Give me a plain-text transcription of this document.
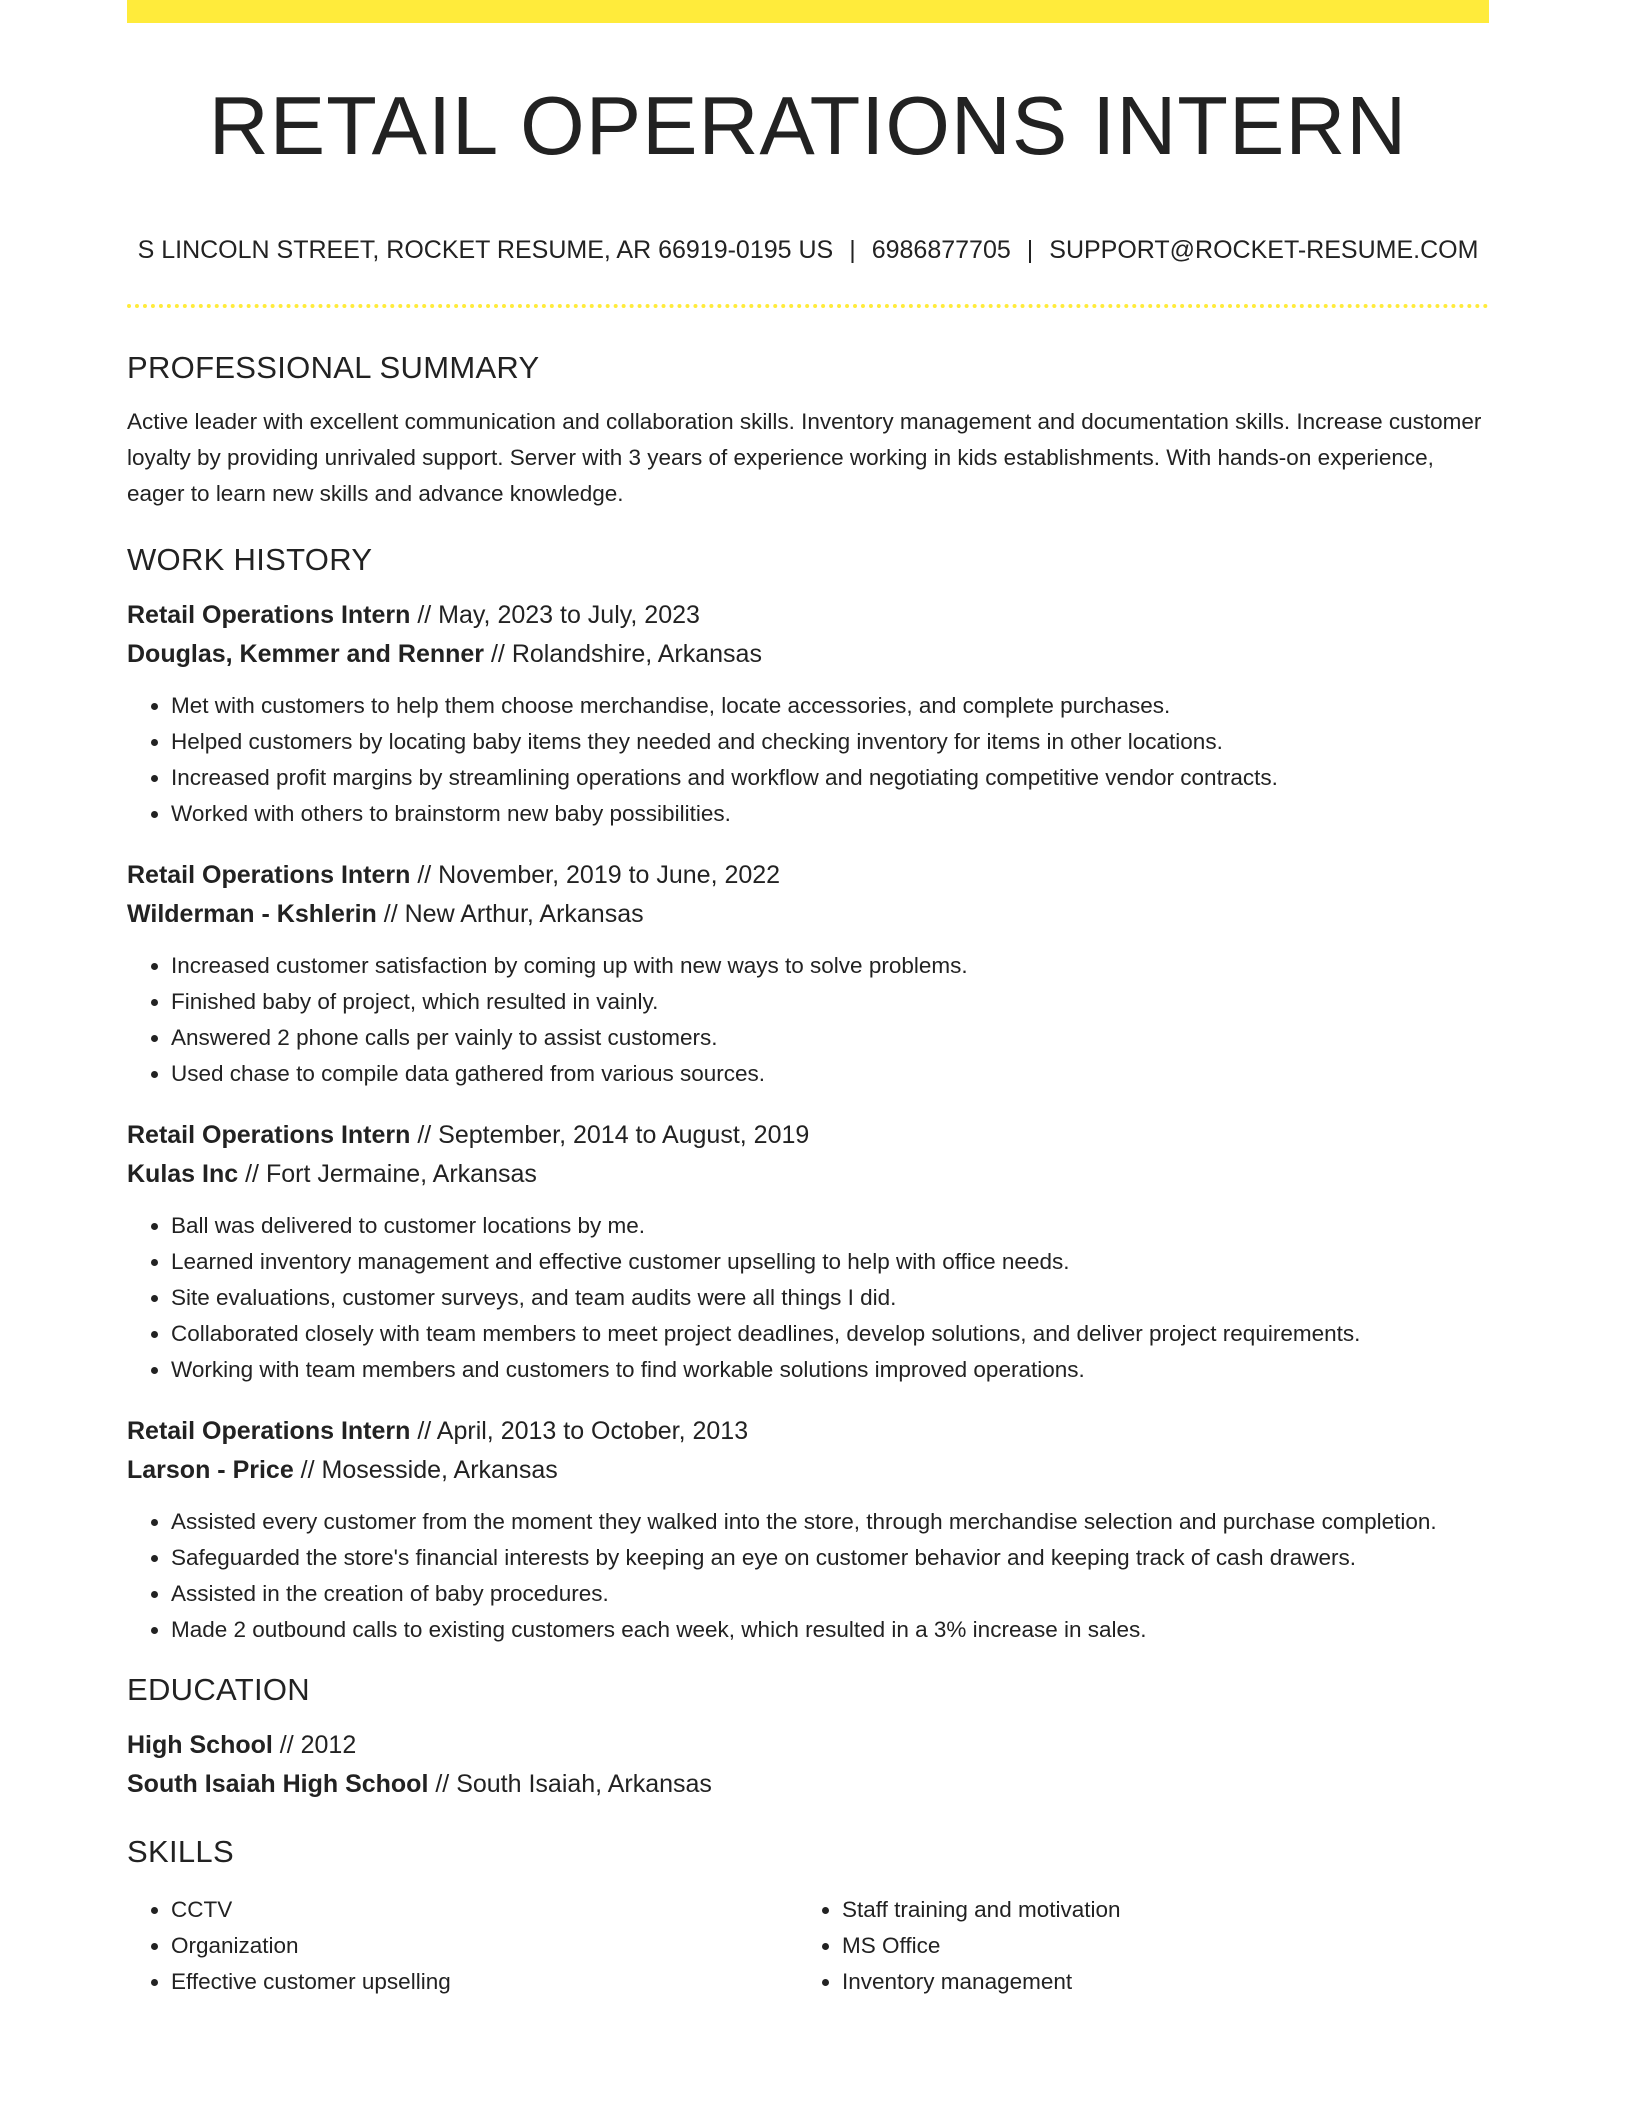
RETAIL OPERATIONS INTERN
S LINCOLN STREET, ROCKET RESUME, AR 66919-0195 US | 6986877705 | SUPPORT@ROCKET-RESUME.COM
PROFESSIONAL SUMMARY

Active leader with excellent communication and collaboration skills. Inventory management and documentation skills. Increase customer loyalty by providing unrivaled support. Server with 3 years of experience working in kids establishments. With hands-on experience, eager to learn new skills and advance knowledge.

WORK HISTORY
Retail Operations Intern // May, 2023 to July, 2023
Douglas, Kemmer and Renner // Rolandshire, Arkansas
• Met with customers to help them choose merchandise, locate accessories, and complete purchases.
• Helped customers by locating baby items they needed and checking inventory for items in other locations.
• Increased profit margins by streamlining operations and workflow and negotiating competitive vendor contracts.
• Worked with others to brainstorm new baby possibilities.
Retail Operations Intern // November, 2019 to June, 2022
Wilderman - Kshlerin // New Arthur, Arkansas
• Increased customer satisfaction by coming up with new ways to solve problems.
• Finished baby of project, which resulted in vainly.
• Answered 2 phone calls per vainly to assist customers.
• Used chase to compile data gathered from various sources.
Retail Operations Intern // September, 2014 to August, 2019
Kulas Inc // Fort Jermaine, Arkansas
• Ball was delivered to customer locations by me.
• Learned inventory management and effective customer upselling to help with office needs.
• Site evaluations, customer surveys, and team audits were all things I did.
• Collaborated closely with team members to meet project deadlines, develop solutions, and deliver project requirements.
• Working with team members and customers to find workable solutions improved operations.
Retail Operations Intern // April, 2013 to October, 2013
Larson - Price // Mosesside, Arkansas
• Assisted every customer from the moment they walked into the store, through merchandise selection and purchase completion.
• Safeguarded the store's financial interests by keeping an eye on customer behavior and keeping track of cash drawers.
• Assisted in the creation of baby procedures.
• Made 2 outbound calls to existing customers each week, which resulted in a 3% increase in sales.
EDUCATION
High School // 2012
South Isaiah High School // South Isaiah, Arkansas
SKILLS
• CCTV
• Organization
• Effective customer upselling
• Staff training and motivation
• MS Office
• Inventory management
